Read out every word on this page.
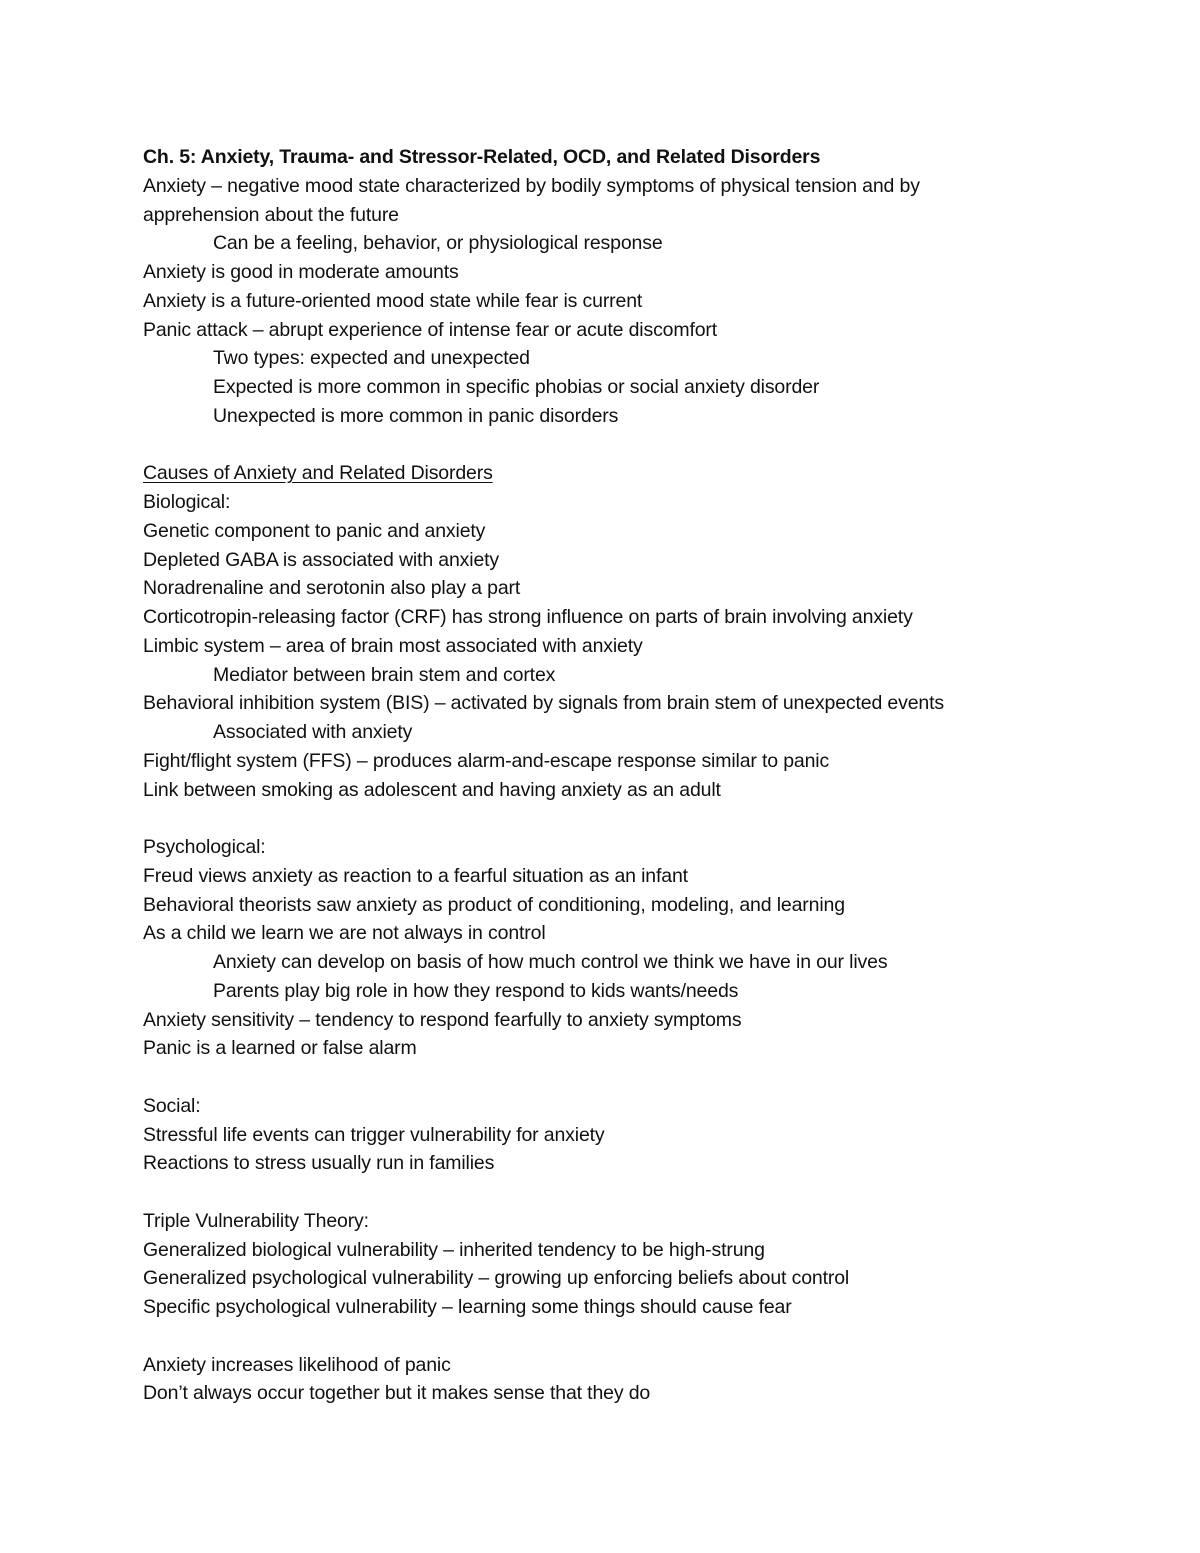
Ch. 5: Anxiety, Trauma- and Stressor-Related, OCD, and Related Disorders
Anxiety – negative mood state characterized by bodily symptoms of physical tension and by
apprehension about the future
Can be a feeling, behavior, or physiological response
Anxiety is good in moderate amounts
Anxiety is a future-oriented mood state while fear is current
Panic attack – abrupt experience of intense fear or acute discomfort
Two types: expected and unexpected
Expected is more common in specific phobias or social anxiety disorder
Unexpected is more common in panic disorders
Causes of Anxiety and Related Disorders
Biological:
Genetic component to panic and anxiety
Depleted GABA is associated with anxiety
Noradrenaline and serotonin also play a part
Corticotropin-releasing factor (CRF) has strong influence on parts of brain involving anxiety
Limbic system – area of brain most associated with anxiety
Mediator between brain stem and cortex
Behavioral inhibition system (BIS) – activated by signals from brain stem of unexpected events
Associated with anxiety
Fight/flight system (FFS) – produces alarm-and-escape response similar to panic
Link between smoking as adolescent and having anxiety as an adult
Psychological:
Freud views anxiety as reaction to a fearful situation as an infant
Behavioral theorists saw anxiety as product of conditioning, modeling, and learning
As a child we learn we are not always in control
Anxiety can develop on basis of how much control we think we have in our lives
Parents play big role in how they respond to kids wants/needs
Anxiety sensitivity – tendency to respond fearfully to anxiety symptoms
Panic is a learned or false alarm
Social:
Stressful life events can trigger vulnerability for anxiety
Reactions to stress usually run in families
Triple Vulnerability Theory:
Generalized biological vulnerability – inherited tendency to be high-strung
Generalized psychological vulnerability – growing up enforcing beliefs about control
Specific psychological vulnerability – learning some things should cause fear
Anxiety increases likelihood of panic
Don’t always occur together but it makes sense that they do
